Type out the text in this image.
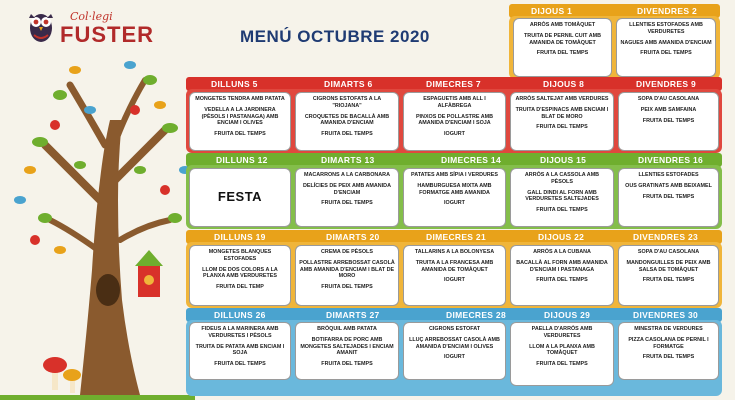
Col·legi
FUSTER	MENÚ OCTUBRE 2020
DIJOUS 1	DIVENDRES 2
ARRÒS AMB TOMÀQUET
TRUITA DE PERNIL CUIT AMB AMANIDA DE TOMÀQUET
FRUITA DEL TEMPS
LLENTIES ESTOFADES AMB VERDURETES
NAGUES AMB AMANIDA D'ENCIAM
FRUITA DEL TEMPS
DILLUNS 5	DIMARTS 6	DIMECRES 7	DIJOUS 8	DIVENDRES 9
MONGETES TENDRA AMB PATATA
VEDELLA A LA JARDINERA (PÈSOLS I PASTANAGA) AMB ENCIAM I OLIVES
FRUITA DEL TEMPS
CIGRONS ESTOFATS A LA "RIOJANA"
CROQUETES DE BACALLÀ AMB AMANIDA D'ENCIAM
FRUITA DEL TEMPS
ESPAGUETIS AMB ALL I ALFÀBREGA
PINXOS DE POLLASTRE AMB AMANIDA D'ENCIAM I SOJA
IOGURT
ARRÒS SALTEJAT AMB VERDURES
TRUITA D'ESPINACS AMB ENCIAM I BLAT DE MORO
FRUITA DEL TEMPS
SOPA D'AU CASOLANA
PEIX AMB SAMFAINA
FRUITA DEL TEMPS
DILLUNS 12	DIMARTS 13	DIMECRES 14	DIJOUS 15	DIVENDRES 16
FESTA
MACARRONS A LA CARBONARA
DELÍCIES DE PEIX AMB AMANIDA D'ENCIAM
FRUITA DEL TEMPS
PATATES AMB SÍPIA I VERDURES
HAMBURGUESA MIXTA AMB FORMATGE AMB AMANIDA
IOGURT
ARRÒS A LA CASSOLA AMB PÈSOLS
GALL DINDI AL FORN AMB VERDURETES SALTEJADES
FRUITA DEL TEMPS
LLENTIES ESTOFADES
OUS GRATINATS AMB BEIXAMEL
FRUITA DEL TEMPS
DILLUNS 19	DIMARTS 20	DIMECRES 21	DIJOUS 22	DIVENDRES 23
MONGETES BLANQUES ESTOFADES
LLOM DE DOS COLORS A LA PLANXA AMB VERDURETES
FRUITA DEL TEMP
CREMA DE PÈSOLS
POLLASTRE ARREBOSSAT CASOLÀ AMB AMANIDA D'ENCIAM I BLAT DE MORO
FRUITA DEL TEMPS
TALLARINS A LA BOLONYESA
TRUITA A LA FRANCESA AMB AMANIDA DE TOMÀQUET
IOGURT
ARRÒS A LA CUBANA
BACALLÀ AL FORN AMB AMANIDA D'ENCIAM I PASTANAGA
FRUITA DEL TEMPS
SOPA D'AU CASOLANA
MANDONGUILLES DE PEIX AMB SALSA DE TOMÀQUET
FRUITA DEL TEMPS
DILLUNS 26	DIMARTS 27	DIMECRES 28	DIJOUS 29	DIVENDRES 30
FIDEUS A LA MARINERA AMB VERDURETES I PÈSOLS
TRUITA DE PATATA AMB ENCIAM I SOJA
FRUITA DEL TEMPS
BRÒQUIL AMB PATATA
BOTIFARRA DE PORC AMB MONGETES SALTEJADES I ENCIAM AMANIT
FRUITA DEL TEMPS
CIGRONS ESTOFAT
LLUÇ ARREBOSSAT CASOLÀ AMB AMANIDA D'ENCIAM I OLIVES
IOGURT
PAELLA D'ARRÒS AMB VERDURETES
LLOM A LA PLANXA AMB TOMÀQUET
FRUITA DEL TEMPS
MINESTRA DE VERDURES
PIZZA CASOLANA DE PERNIL I FORMATGE
FRUITA DEL TEMPS
